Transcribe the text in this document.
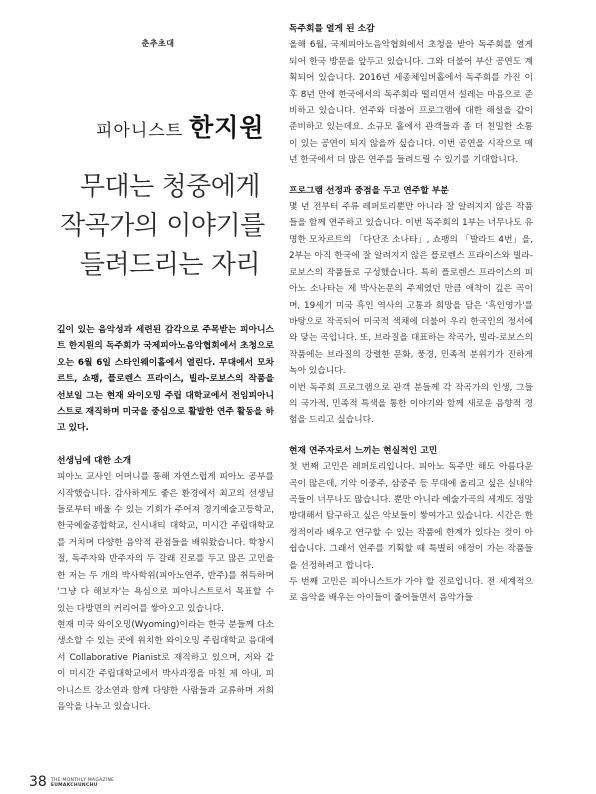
춘추초대
피아니스트 한지원
무대는 청중에게
작곡가의 이야기를
들려드리는 자리

깊이 있는 음악성과 세련된 감각으로 주목받는 피아니스트 한지원의 독주회가 국제피아노음악협회에서 초청으로 오는 6월 6일 스타인웨이홀에서 열린다. 무대에서 모차르트, 쇼팽, 플로렌스 프라이스, 빌라-로보스의 작품을 선보일 그는 현재 와이오밍 주립 대학교에서 전임피아니스트로 재직하며 미국을 중심으로 활발한 연주 활동을 하고 있다.

선생님에 대한 소개

피아노 교사인 어머니를 통해 자연스럽게 피아노 공부를 시작했습니다. 감사하게도 좋은 환경에서 최고의 선생님들로부터 배울 수 있는 기회가 주어져 경기예술고등학교, 한국예술종합학교, 신시내티 대학교, 미시간 주립대학교를 거치며 다양한 음악적 관점들을 배워왔습니다. 학창시절, 독주자와 반주자의 두 갈래 진로를 두고 많은 고민을 한 저는 두 개의 박사학위(피아노연주, 반주)를 취득하며 '그냥 다 해보자'는 욕심으로 피아니스트로서 목표할 수 있는 다방면의 커리어를 쌓아오고 있습니다.

현재 미국 와이오밍(Wyoming)이라는 한국 분들께 다소 생소할 수 있는 곳에 위치한 와이오밍 주립대학교 음대에서 Collaborative Pianist로 재직하고 있으며, 저와 같이 미시간 주립대학교에서 박사과정을 마친 제 아내, 피아니스트 강소연과 함께 다양한 사람들과 교류하며 저희 음악을 나누고 있습니다.

독주회를 열게 된 소감

올해 6월, 국제피아노음악협회에서 초청을 받아 독주회를 열게 되어 한국 방문을 앞두고 있습니다. 그와 더불어 부산 공연도 계획되어 있습니다. 2016년 세종체임버홀에서 독주회를 가진 이후 8년 만에 한국에서의 독주회라 떨리면서 설레는 마음으로 준비하고 있습니다. 연주와 더불어 프로그램에 대한 해설을 같이 준비하고 있는데요. 소규모 홀에서 관객들과 좀 더 친밀한 소통이 있는 공연이 되지 않을까 싶습니다. 이번 공연을 시작으로 매년 한국에서 더 많은 연주를 들려드릴 수 있기를 기대합니다.

프로그램 선정과 중점을 두고 연주할 부분

몇 년 전부터 주류 레퍼토리뿐만 아니라 잘 알려지지 않은 작품들을 함께 연주하고 있습니다. 이번 독주회의 1부는 너무나도 유명한 모차르트의 「다단조 소나타」, 쇼팽의 「발라드 4번」을, 2부는 아직 한국에 잘 알려지지 않은 플로렌스 프라이스와 빌라-로보스의 작품들로 구성했습니다. 특히 플로렌스 프라이스의 피아노 소나타는 제 박사논문의 주제였던 만큼 애착이 깊은 곡이며, 19세기 미국 흑인 역사의 고통과 희망을 담은 '흑인영가'를 바탕으로 작곡되어 미국적 색채에 더불어 우리 한국인의 정서에 와 닿는 곡입니다. 또, 브라질을 대표하는 작곡가, 빌라-로보스의 작품에는 브라질의 강렬한 문화, 풍경, 민족적 분위기가 진하게 녹아 있습니다.

이번 독주회 프로그램으로 관객 분들께 각 작곡가의 인생, 그들의 국가적, 민족적 특색을 통한 이야기와 함께 새로운 음향적 경험을 드리고 싶습니다.

현재 연주자로서 느끼는 현실적인 고민

첫 번째 고민은 레퍼토리입니다. 피아노 독주만 해도 아름다운 곡이 많은데, 기악 이중주, 삼중주 등 무대에 올리고 싶은 실내악 곡들이 너무나도 많습니다. 뿐만 아니라 예술가곡의 세계도 정말 방대해서 탐구하고 싶은 악보들이 쌓여가고 있습니다. 시간은 한정적이라 배우고 연구할 수 있는 작품에 한계가 있다는 것이 아쉽습니다. 그래서 연주를 기획할 때 특별히 애정이 가는 작품들을 선정하려고 합니다.

두 번째 고민은 피아니스트가 가야 할 진로입니다. 전 세계적으로 음악을 배우는 아이들이 줄어들면서 음악가들

38 THE MONTHLY MAGAZINE
EUMAKCHUNCHU
